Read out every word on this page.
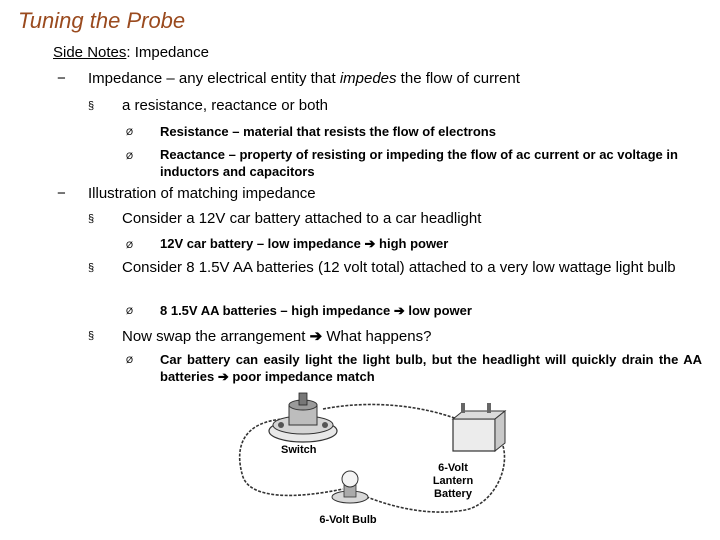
Tuning the Probe
Side Notes: Impedance
− Impedance – any electrical entity that impedes the flow of current
§ a resistance, reactance or both
Ø Resistance – material that resists the flow of electrons
Ø Reactance – property of resisting or impeding the flow of ac current or ac voltage in inductors and capacitors
− Illustration of matching impedance
§ Consider a 12V car battery attached to a car headlight
Ø 12V car battery – low impedance ➔ high power
§ Consider 8 1.5V AA batteries (12 volt total) attached to a very low wattage light bulb
Ø 8 1.5V AA batteries – high impedance ➔ low power
§ Now swap the arrangement ➔ What happens?
Ø Car battery can easily light the light bulb, but the headlight will quickly drain the AA batteries ➔ poor impedance match
Switch
6-Volt
Lantern
Battery
6-Volt Bulb
